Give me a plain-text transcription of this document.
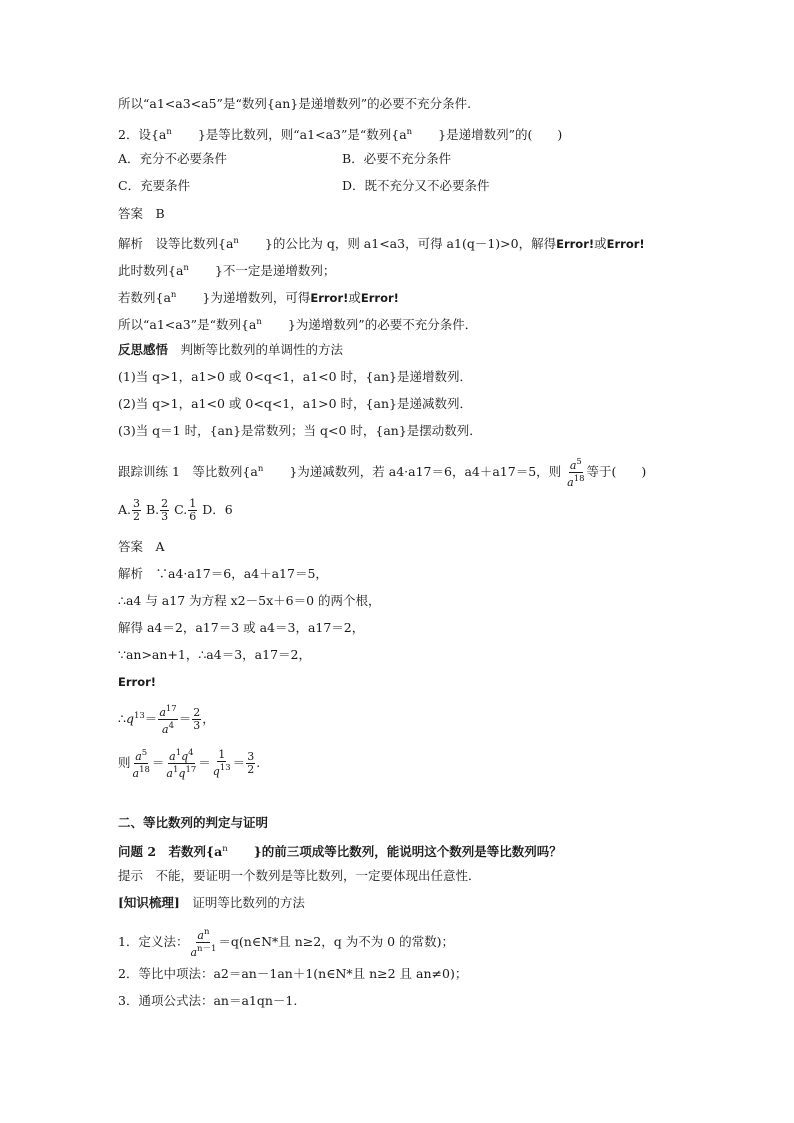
所以“a1<a3<a5”是“数列{an}是递增数列”的必要不充分条件.
2．设{$a^n$ }是等比数列，则“a1<a3”是“数列{$a^n$ }是递增数列”的(　　)
A．充分不必要条件	B．必要不充分条件
C．充要条件	D．既不充分又不必要条件
答案　B
解析　设等比数列{$a^n$ }的公比为 q，则 a1<a3，可得 a1(q－1)>0，解得Error!或Error!
此时数列{$a^n$ }不一定是递增数列；
若数列{$a^n$ }为递增数列，可得Error!或Error!
所以“a1<a3”是“数列{$a^n$ }为递增数列”的必要不充分条件．
反思感悟　 判断等比数列的单调性的方法
(1)当 q>1，a1>0 或 0<q<1，a1<0 时，{an}是递增数列．
(2)当 q>1，a1<0 或 0<q<1，a1>0 时，{an}是递减数列．
(3)当 q＝1 时，{an}是常数列；当 q<0 时，{an}是摆动数列．
跟踪训练 1　等比数列{$a^n$ }为递减数列，若 a4·a17＝6，a4＋a17＝5，则 $\frac{a^5}{a^{18}}$ 等于(　　)
A. $\frac{3}{2} B$. $\frac{2}{3} C$. $\frac{1}{6}$ D．6
答案　A
解析　∵a4·a17＝6，a4＋a17＝5，
∴a4 与 a17 为方程 x2－5x＋6＝0 的两个根，
解得 a4＝2，a17＝3 或 a4＝3，a17＝2，
∵an>an+1，∴a4＝3，a17＝2，
Error!
$\therefore q^{13}= \frac{a^{17}}{a^4} = \frac{2}{3}$ ，
则 $\frac{a^5}{a^{18}} = \frac{a^1q^4}{a^1q^{17}} = \frac{1}{q^{13}} = \frac{3}{2}$ .
二、等比数列的判定与证明
问题 2　若数列{$a^n$ }的前三项成等比数列，能说明这个数列是等比数列吗？
提示　不能，要证明一个数列是等比数列，一定要体现出任意性．
[知识梳理]　 证明等比数列的方法
1．定义法： $\frac{a^n}{a^{n-1}}$ ＝q(n∈N*且 n≥2，q 为不为 0 的常数)；
2．等比中项法：a2＝an－1an＋1(n∈N*且 n≥2 且 an≠0)；
3．通项公式法：an＝a1qn－1.
